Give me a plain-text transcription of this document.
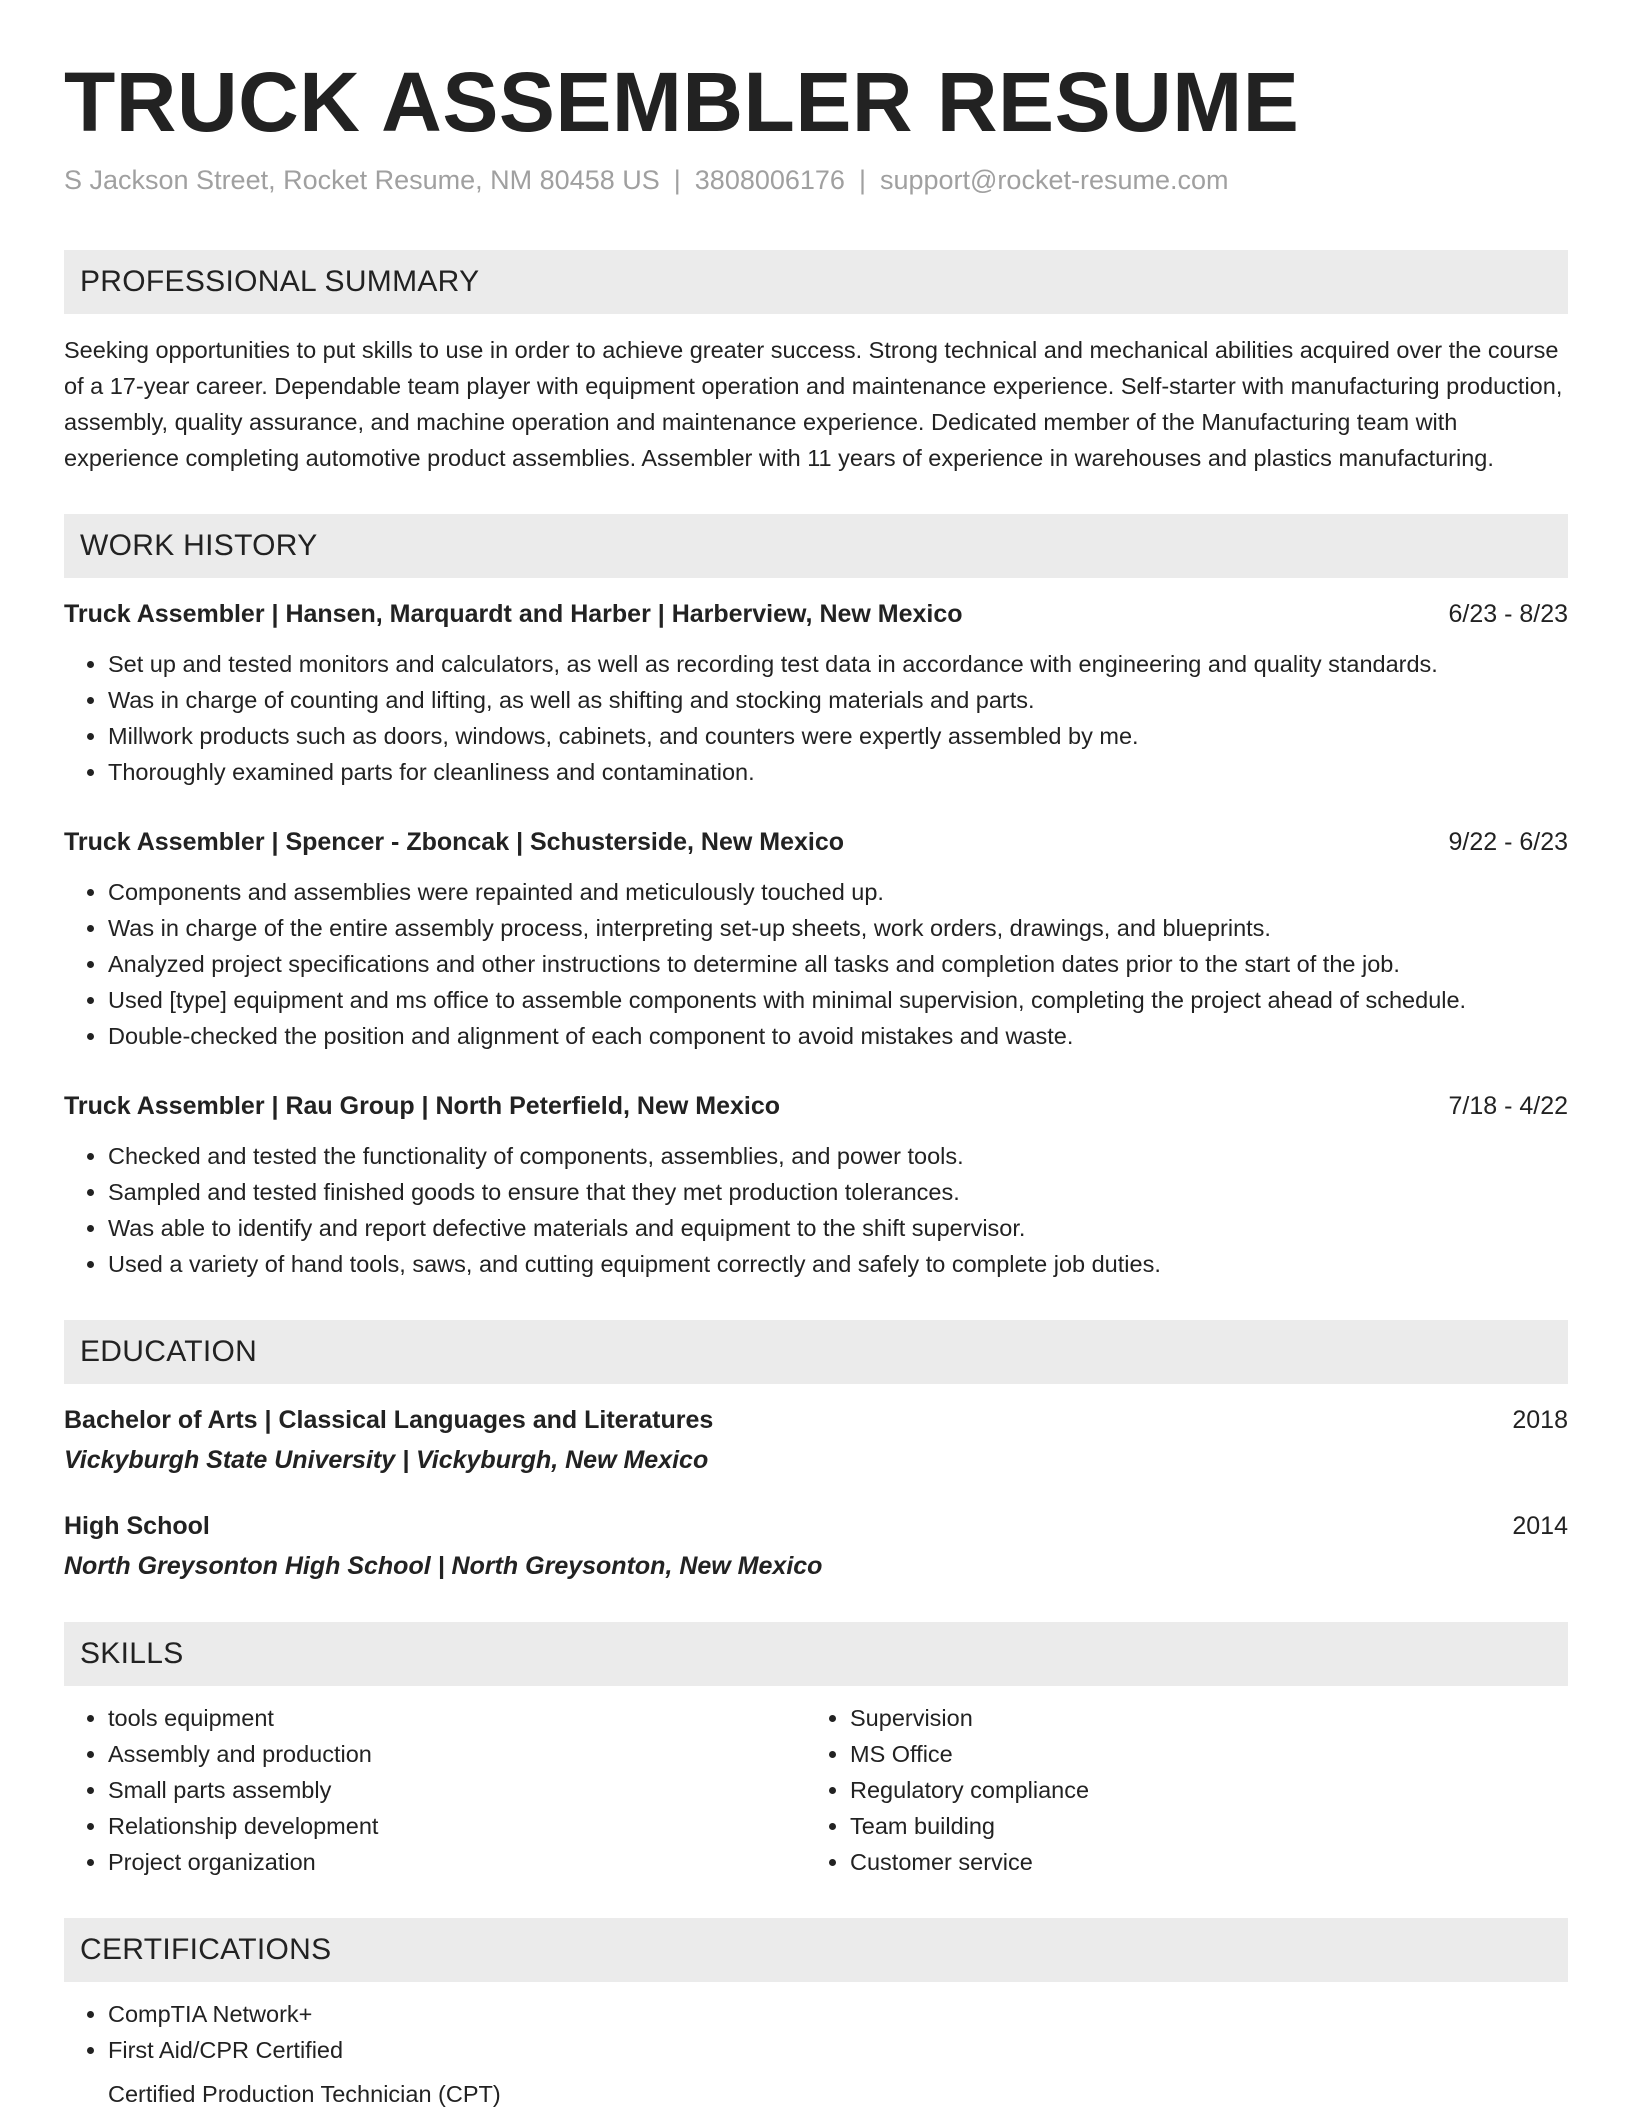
TRUCK ASSEMBLER RESUME
S Jackson Street, Rocket Resume, NM 80458 US | 3808006176 | support@rocket-resume.com
PROFESSIONAL SUMMARY

Seeking opportunities to put skills to use in order to achieve greater success. Strong technical and mechanical abilities acquired over the course of a 17-year career. Dependable team player with equipment operation and maintenance experience. Self-starter with manufacturing production, assembly, quality assurance, and machine operation and maintenance experience. Dedicated member of the Manufacturing team with experience completing automotive product assemblies. Assembler with 11 years of experience in warehouses and plastics manufacturing.

WORK HISTORY
Truck Assembler | Hansen, Marquardt and Harber | Harberview, New Mexico	6/23 - 8/23
• Set up and tested monitors and calculators, as well as recording test data in accordance with engineering and quality standards.
• Was in charge of counting and lifting, as well as shifting and stocking materials and parts.
• Millwork products such as doors, windows, cabinets, and counters were expertly assembled by me.
• Thoroughly examined parts for cleanliness and contamination.
Truck Assembler | Spencer - Zboncak | Schusterside, New Mexico	9/22 - 6/23
• Components and assemblies were repainted and meticulously touched up.
• Was in charge of the entire assembly process, interpreting set-up sheets, work orders, drawings, and blueprints.
• Analyzed project specifications and other instructions to determine all tasks and completion dates prior to the start of the job.
• Used [type] equipment and ms office to assemble components with minimal supervision, completing the project ahead of schedule.
• Double-checked the position and alignment of each component to avoid mistakes and waste.
Truck Assembler | Rau Group | North Peterfield, New Mexico	7/18 - 4/22
• Checked and tested the functionality of components, assemblies, and power tools.
• Sampled and tested finished goods to ensure that they met production tolerances.
• Was able to identify and report defective materials and equipment to the shift supervisor.
• Used a variety of hand tools, saws, and cutting equipment correctly and safely to complete job duties.
EDUCATION
Bachelor of Arts | Classical Languages and Literatures	2018
Vickyburgh State University | Vickyburgh, New Mexico
High School	2014
North Greysonton High School | North Greysonton, New Mexico
SKILLS
• tools equipment
• Assembly and production
• Small parts assembly
• Relationship development
• Project organization
• Supervision
• MS Office
• Regulatory compliance
• Team building
• Customer service
CERTIFICATIONS
• CompTIA Network+
• First Aid/CPR Certified
Certified Production Technician (CPT)
